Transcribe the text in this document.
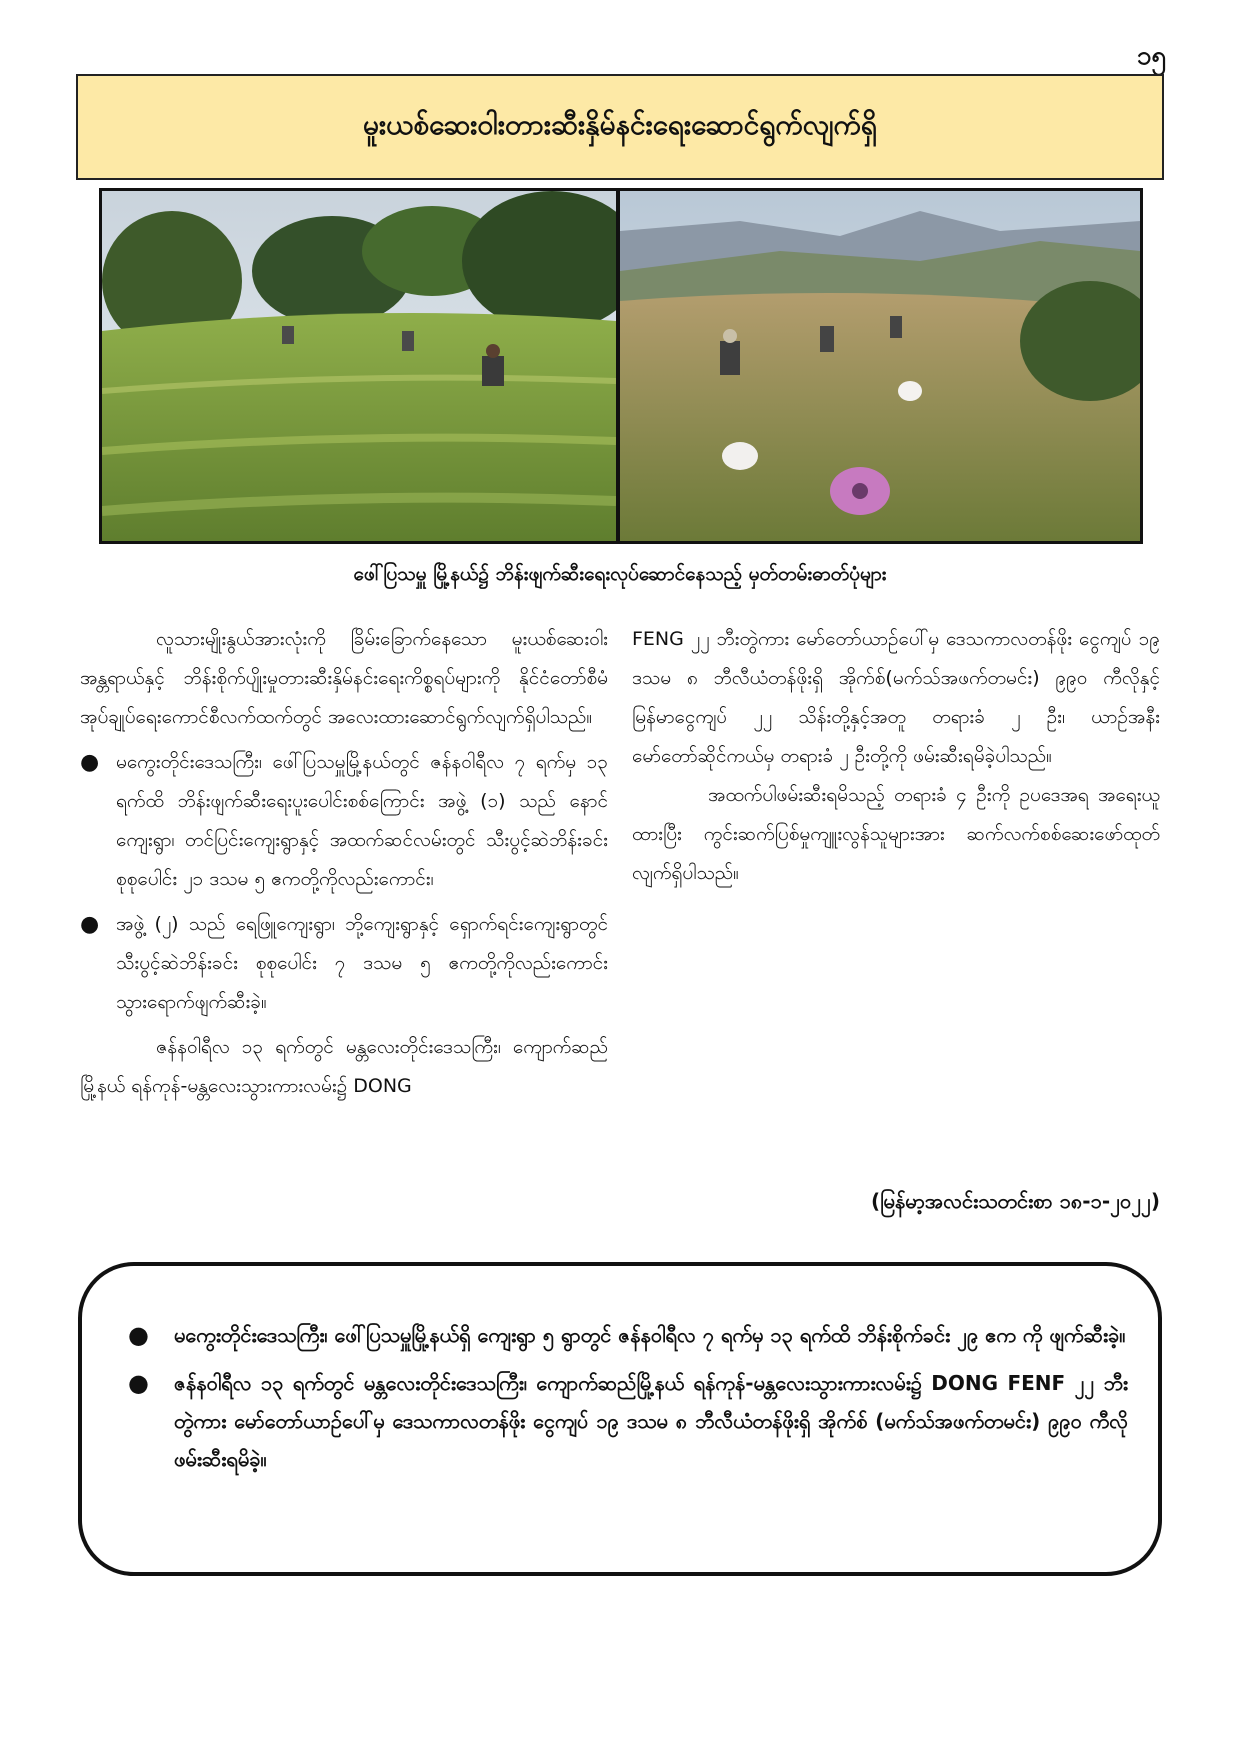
၁၅
မူးယစ်ဆေးဝါးတားဆီးနှိမ်နင်းရေးဆောင်ရွက်လျက်ရှိ
ဖေါ်ပြသမှူ မြို့နယ်၌ ဘိန်းဖျက်ဆီးရေးလုပ်ဆောင်နေသည့် မှတ်တမ်းဓာတ်ပုံများ

လူသားမျိုးနွယ်အားလုံးကို ခြိမ်းခြောက်နေသော မူးယစ်ဆေးဝါးအန္တရာယ်နှင့် ဘိန်းစိုက်ပျိုးမှုတားဆီးနှိမ်နင်းရေးကိစ္စရပ်များကို နိုင်ငံတော်စီမံအုပ်ချုပ်ရေးကောင်စီလက်ထက်တွင် အလေးထားဆောင်ရွက်လျက်ရှိပါသည်။

● မကွေးတိုင်းဒေသကြီး၊ ဖေါ်ပြသမှူမြို့နယ်တွင် ဇန်နဝါရီလ ၇ ရက်မှ ၁၃ ရက်ထိ ဘိန်းဖျက်ဆီးရေးပူးပေါင်းစစ်ကြောင်း အဖွဲ့ (၁) သည် နောင်ကျေးရွာ၊ တင်ပြင်းကျေးရွာနှင့် အထက်ဆင်လမ်းတွင် သီးပွင့်ဆဲဘိန်းခင်း စုစုပေါင်း ၂၁ ဒသမ ၅ ဧကတို့ကိုလည်းကောင်း၊
● အဖွဲ့ (၂) သည် ရေဖြူကျေးရွာ၊ ဘို့ကျေးရွာနှင့် ရှောက်ရင်းကျေးရွာတွင် သီးပွင့်ဆဲဘိန်းခင်း စုစုပေါင်း ၇ ဒသမ ၅ ဧကတို့ကိုလည်းကောင်း သွားရောက်ဖျက်ဆီးခဲ့။

ဇန်နဝါရီလ ၁၃ ရက်တွင် မန္တလေးတိုင်းဒေသကြီး၊ ကျောက်ဆည်မြို့နယ် ရန်ကုန်-မန္တလေးသွားကားလမ်း၌ DONG

FENG ၂၂ ဘီးတွဲကား မော်တော်ယာဉ်ပေါ်မှ ဒေသကာလတန်ဖိုး ငွေကျပ် ၁၉ ဒသမ ၈ ဘီလီယံတန်ဖိုးရှိ အိုက်စ်(မက်သ်အဖက်တမင်း) ၉၉၀ ကီလိုနှင့် မြန်မာငွေကျပ် ၂၂ သိန်းတို့နှင့်အတူ တရားခံ ၂ ဦး၊ ယာဉ်အနီး မော်တော်ဆိုင်ကယ်မှ တရားခံ ၂ ဦးတို့ကို ဖမ်းဆီးရမိခဲ့ပါသည်။

အထက်ပါဖမ်းဆီးရမိသည့် တရားခံ ၄ ဦးကို ဥပဒေအရ အရေးယူထားပြီး ကွင်းဆက်ပြစ်မှုကျူးလွန်သူများအား ဆက်လက်စစ်ဆေးဖော်ထုတ်လျက်ရှိပါသည်။

(မြန်မာ့အလင်းသတင်းစာ ၁၈-၁-၂၀၂၂)
● မကွေးတိုင်းဒေသကြီး၊ ဖေါ်ပြသမှူမြို့နယ်ရှိ ကျေးရွာ ၅ ရွာတွင် ဇန်နဝါရီလ ၇ ရက်မှ ၁၃ ရက်ထိ ဘိန်းစိုက်ခင်း ၂၉ ဧက ကို ဖျက်ဆီးခဲ့။
● ဇန်နဝါရီလ ၁၃ ရက်တွင် မန္တလေးတိုင်းဒေသကြီး၊ ကျောက်ဆည်မြို့နယ် ရန်ကုန်-မန္တလေးသွားကားလမ်း၌ DONG FENF ၂၂ ဘီး တွဲကား မော်တော်ယာဉ်ပေါ်မှ ဒေသကာလတန်ဖိုး ငွေကျပ် ၁၉ ဒသမ ၈ ဘီလီယံတန်ဖိုးရှိ အိုက်စ် (မက်သ်အဖက်တမင်း) ၉၉၀ ကီလို ဖမ်းဆီးရမိခဲ့။
